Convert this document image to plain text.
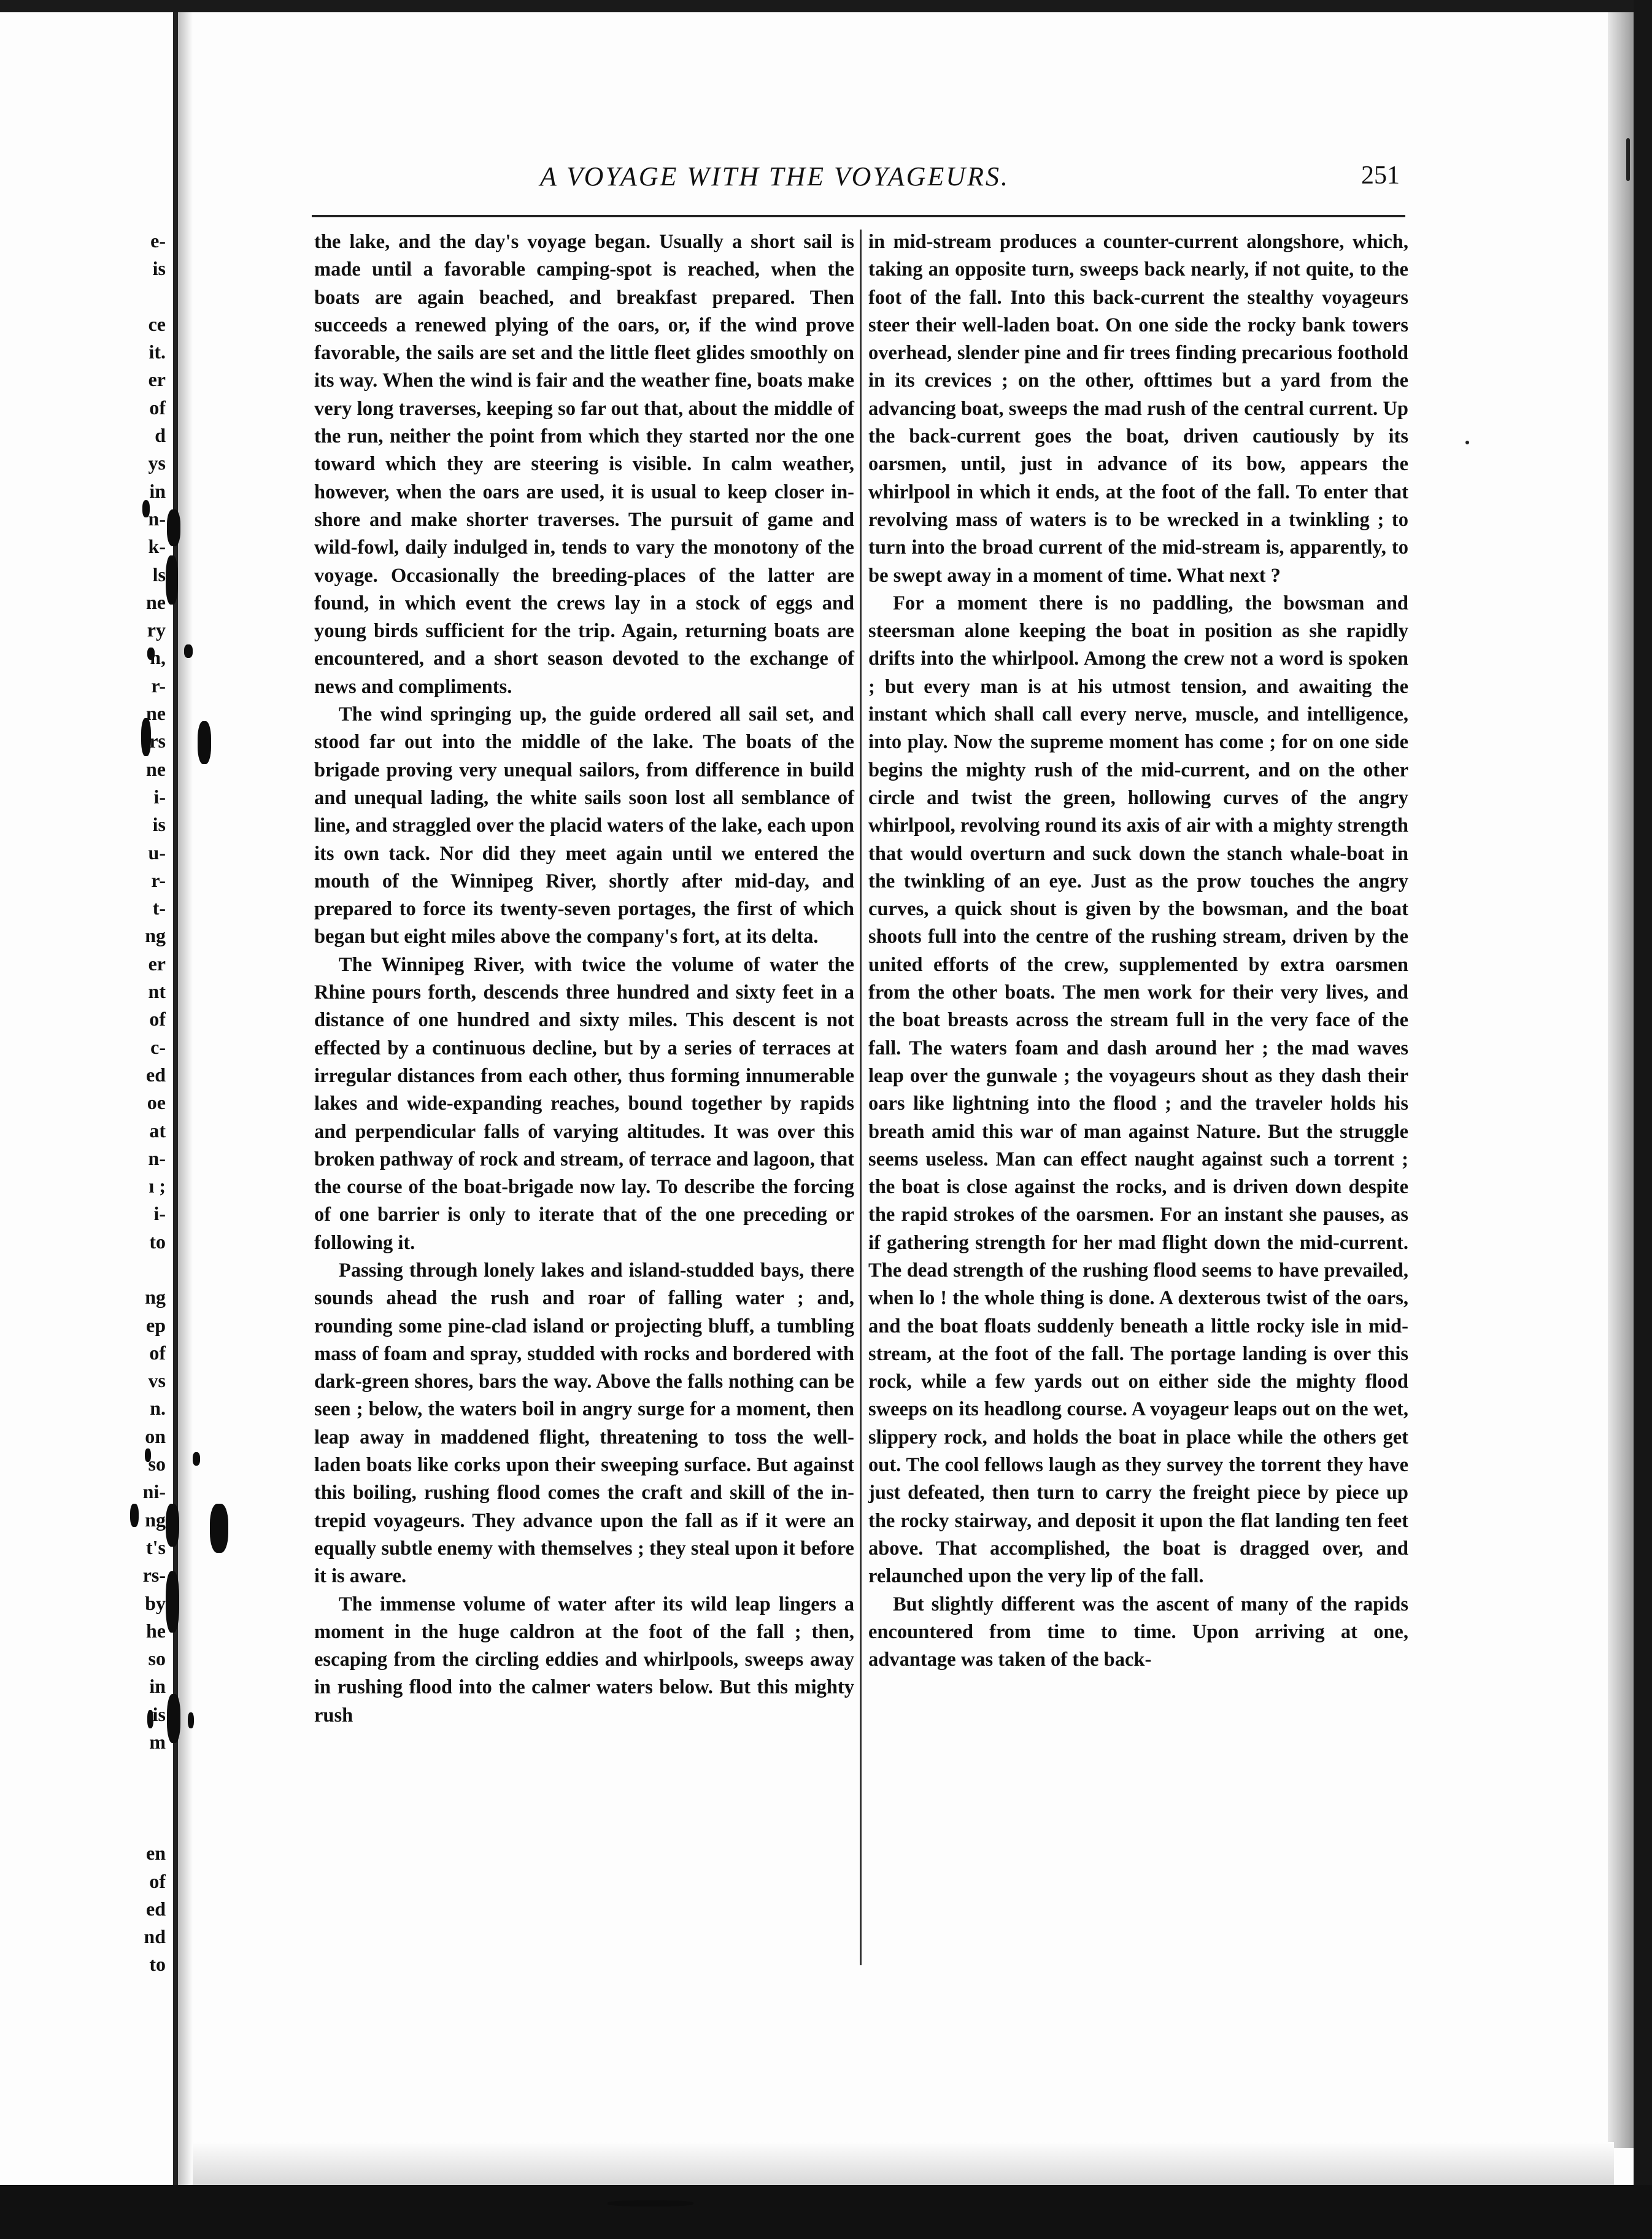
e-
is
ce
it.
er
of
d
ys
in
n-
k-
ls
ne
ry
n,
r-
ne
rs
ne
i-
is
u-
r-
t-
ng
er
nt
of
c-
ed
oe
at
n-
ı ;
i-
to
ng
ep
of
vs
n.
on
so
ni-
ng
t's
rs-
by
he
so
in
is
m
en
of
ed
nd
to
A VOYAGE WITH THE VOYAGEURS.	251

the lake, and the day's voyage began. Usually a short sail is made until a favorable camping-spot is reached, when the boats are again beached, and breakfast prepared. Then succeeds a renewed plying of the oars, or, if the wind prove favorable, the sails are set and the little fleet glides smoothly on its way. When the wind is fair and the weather fine, boats make very long traverses, keeping so far out that, about the middle of the run, neither the point from which they started nor the one toward which they are steering is visible. In calm weather, however, when the oars are used, it is usual to keep closer in-shore and make shorter traverses. The pursuit of game and wild-fowl, daily indulged in, tends to vary the monotony of the voyage. Occasionally the breeding-places of the latter are found, in which event the crews lay in a stock of eggs and young birds sufficient for the trip. Again, returning boats are encountered, and a short season devoted to the exchange of news and compliments.

The wind springing up, the guide ordered all sail set, and stood far out into the middle of the lake. The boats of the brigade proving very unequal sailors, from difference in build and unequal lading, the white sails soon lost all semblance of line, and straggled over the placid waters of the lake, each upon its own tack. Nor did they meet again until we entered the mouth of the Winnipeg River, shortly after mid-day, and prepared to force its twenty-seven portages, the first of which began but eight miles above the company's fort, at its delta.

The Winnipeg River, with twice the volume of water the Rhine pours forth, descends three hundred and sixty feet in a distance of one hundred and sixty miles. This descent is not effected by a continuous decline, but by a series of terraces at irregular distances from each other, thus forming innumerable lakes and wide-expanding reaches, bound together by rapids and perpendicular falls of varying altitudes. It was over this broken pathway of rock and stream, of terrace and lagoon, that the course of the boat-brigade now lay. To describe the forcing of one barrier is only to iterate that of the one preceding or following it.

Passing through lonely lakes and island-studded bays, there sounds ahead the rush and roar of falling water ; and, rounding some pine-clad island or projecting bluff, a tumbling mass of foam and spray, studded with rocks and bordered with dark-green shores, bars the way. Above the falls nothing can be seen ; below, the waters boil in angry surge for a moment, then leap away in maddened flight, threatening to toss the well-laden boats like corks upon their sweeping surface. But against this boiling, rushing flood comes the craft and skill of the intrepid voyageurs. They advance upon the fall as if it were an equally subtle enemy with themselves ; they steal upon it before it is aware.

The immense volume of water after its wild leap lingers a moment in the huge caldron at the foot of the fall ; then, escaping from the circling eddies and whirlpools, sweeps away in rushing flood into the calmer waters below. But this mighty rush

in mid-stream produces a counter-current alongshore, which, taking an opposite turn, sweeps back nearly, if not quite, to the foot of the fall. Into this back-current the stealthy voyageurs steer their well-laden boat. On one side the rocky bank towers overhead, slender pine and fir trees finding precarious foothold in its crevices ; on the other, ofttimes but a yard from the advancing boat, sweeps the mad rush of the central current. Up the back-current goes the boat, driven cautiously by its oarsmen, until, just in advance of its bow, appears the whirlpool in which it ends, at the foot of the fall. To enter that revolving mass of waters is to be wrecked in a twinkling ; to turn into the broad current of the mid-stream is, apparently, to be swept away in a moment of time. What next ?

For a moment there is no paddling, the bowsman and steersman alone keeping the boat in position as she rapidly drifts into the whirlpool. Among the crew not a word is spoken ; but every man is at his utmost tension, and awaiting the instant which shall call every nerve, muscle, and intelligence, into play. Now the supreme moment has come ; for on one side begins the mighty rush of the mid-current, and on the other circle and twist the green, hollowing curves of the angry whirlpool, revolving round its axis of air with a mighty strength that would overturn and suck down the stanch whale-boat in the twinkling of an eye. Just as the prow touches the angry curves, a quick shout is given by the bowsman, and the boat shoots full into the centre of the rushing stream, driven by the united efforts of the crew, supplemented by extra oarsmen from the other boats. The men work for their very lives, and the boat breasts across the stream full in the very face of the fall. The waters foam and dash around her ; the mad waves leap over the gunwale ; the voyageurs shout as they dash their oars like lightning into the flood ; and the traveler holds his breath amid this war of man against Nature. But the struggle seems useless. Man can effect naught against such a torrent ; the boat is close against the rocks, and is driven down despite the rapid strokes of the oarsmen. For an instant she pauses, as if gathering strength for her mad flight down the mid-current. The dead strength of the rushing flood seems to have prevailed, when lo ! the whole thing is done. A dexterous twist of the oars, and the boat floats suddenly beneath a little rocky isle in mid-stream, at the foot of the fall. The portage landing is over this rock, while a few yards out on either side the mighty flood sweeps on its headlong course. A voyageur leaps out on the wet, slippery rock, and holds the boat in place while the others get out. The cool fellows laugh as they survey the torrent they have just defeated, then turn to carry the freight piece by piece up the rocky stairway, and deposit it upon the flat landing ten feet above. That accomplished, the boat is dragged over, and relaunched upon the very lip of the fall.

But slightly different was the ascent of many of the rapids encountered from time to time. Upon arriving at one, advantage was taken of the back-
